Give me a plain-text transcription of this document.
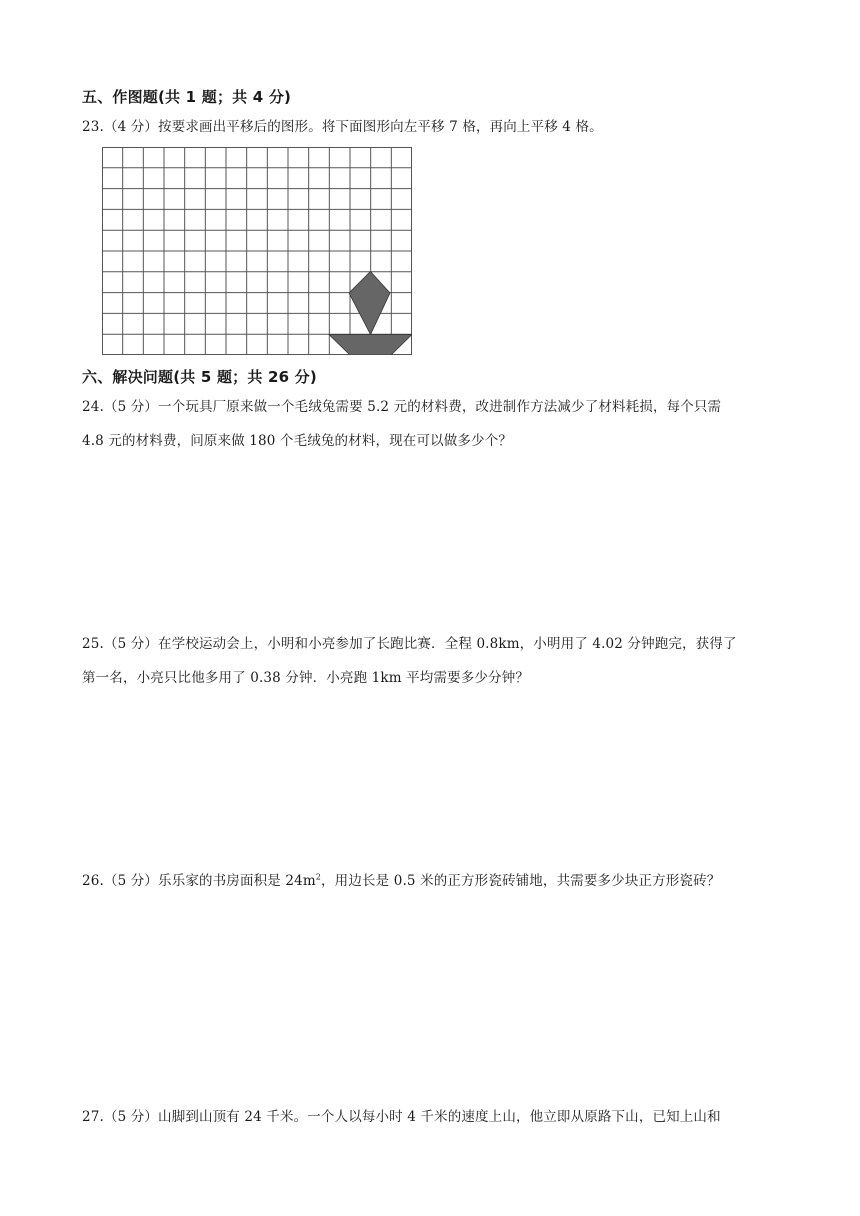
五、作图题(共 1 题；共 4 分)
23.（4 分）按要求画出平移后的图形。将下面图形向左平移 7 格，再向上平移 4 格。
六、解决问题(共 5 题；共 26 分)
24.（5 分）一个玩具厂原来做一个毛绒兔需要 5.2 元的材料费，改进制作方法减少了材料耗损，每个只需
4.8 元的材料费，问原来做 180 个毛绒兔的材料，现在可以做多少个？
25.（5 分）在学校运动会上，小明和小亮参加了长跑比赛．全程 0.8km，小明用了 4.02 分钟跑完，获得了
第一名，小亮只比他多用了 0.38 分钟．小亮跑 1km 平均需要多少分钟？
26.（5 分）乐乐家的书房面积是 $24m^2$，用边长是 0.5 米的正方形瓷砖铺地，共需要多少块正方形瓷砖？
27.（5 分）山脚到山顶有 24 千米。一个人以每小时 4 千米的速度上山，他立即从原路下山，已知上山和
